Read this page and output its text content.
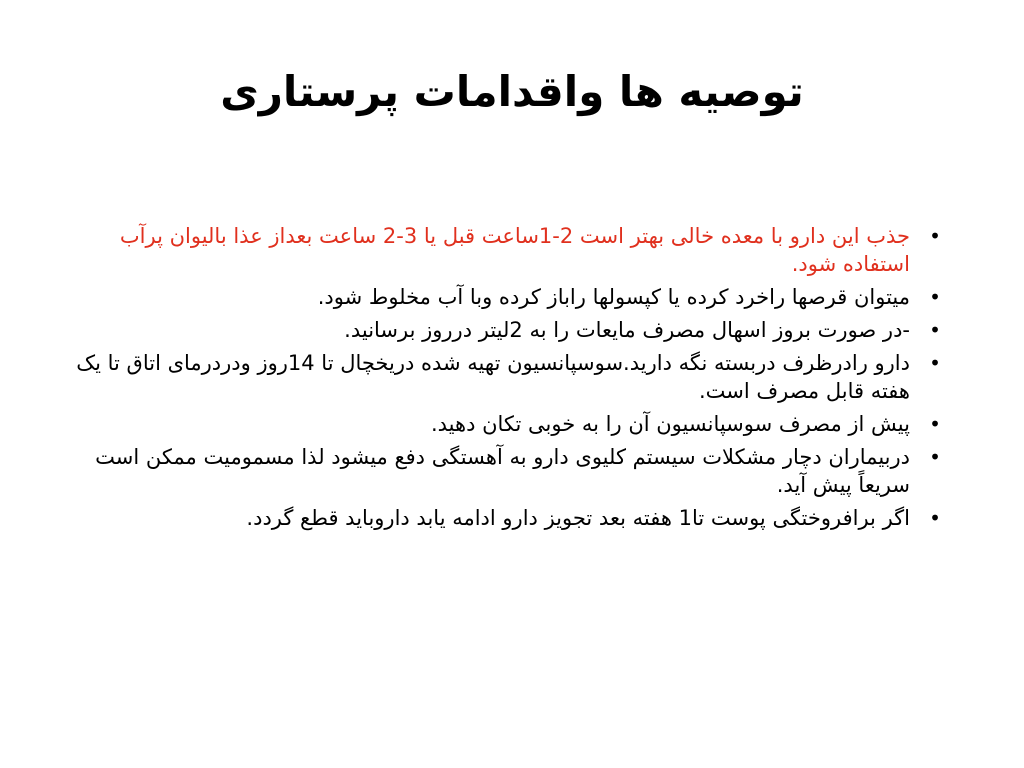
توصیه ها واقدامات پرستاری
•
جذب این دارو با معده خالی بهتر است 2-1ساعت قبل یا 3-2 ساعت بعداز عذا بالیوان پرآب استفاده شود.
•
میتوان قرصها راخرد کرده یا کپسولها راباز کرده وبا آب مخلوط شود.
•
-در صورت بروز اسهال مصرف مایعات را به 2لیتر درروز برسانید.
•
دارو رادرظرف دربسته نگه دارید.سوسپانسیون تهیه شده دریخچال تا 14روز ودردرمای اتاق تا یک هفته قابل مصرف است.
•
پیش از مصرف سوسپانسیون آن را به خوبی تکان دهید.
•
دربیماران دچار مشکلات سیستم کلیوی دارو به آهستگی دفع میشود لذا مسمومیت ممکن است سریعاً پیش آید.
•
اگر برافروختگی پوست تا1 هفته بعد تجویز دارو ادامه یابد داروباید قطع گردد.
